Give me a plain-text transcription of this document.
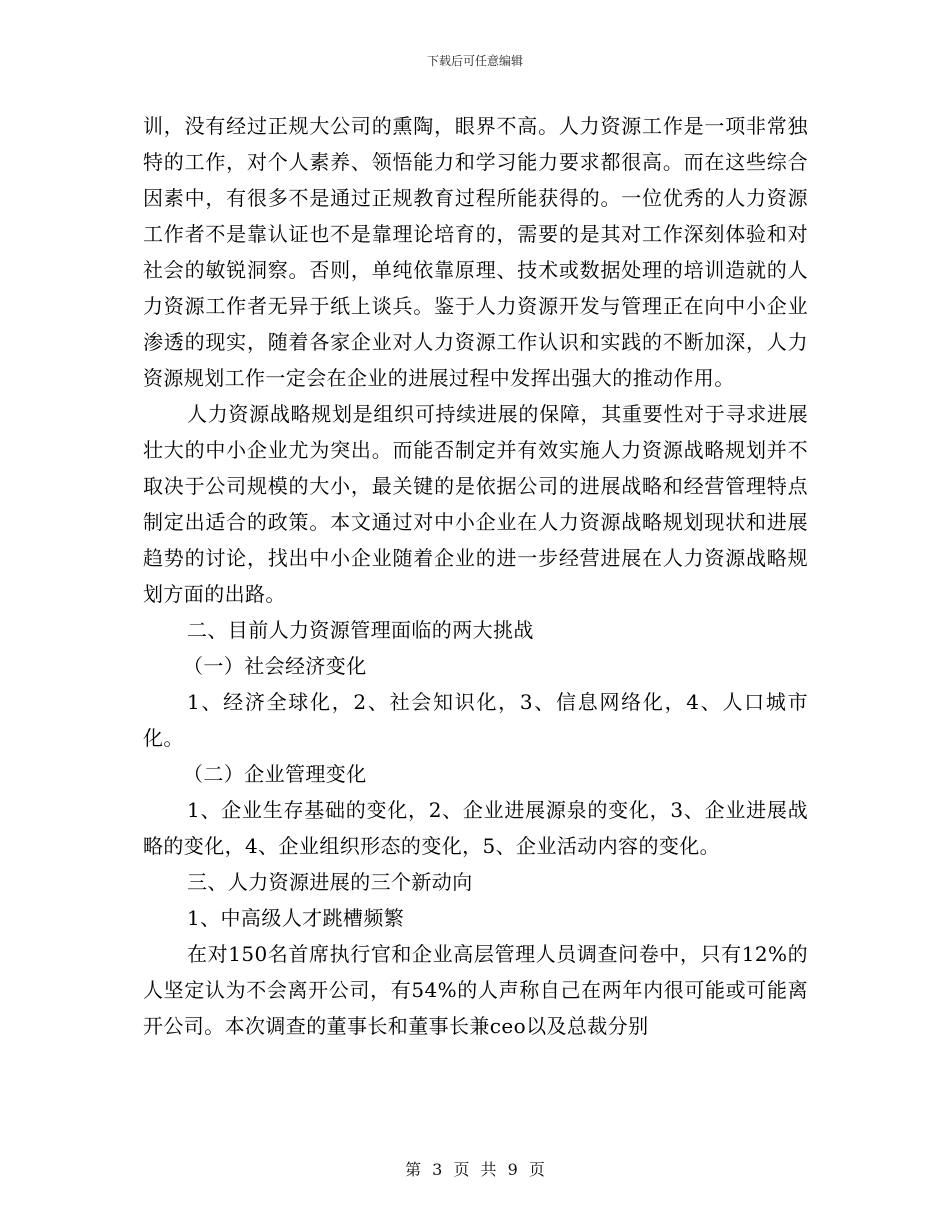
下载后可任意编辑

训，没有经过正规大公司的熏陶，眼界不高。人力资源工作是一项非常独特的工作，对个人素养、领悟能力和学习能力要求都很高。而在这些综合因素中，有很多不是通过正规教育过程所能获得的。一位优秀的人力资源工作者不是靠认证也不是靠理论培育的，需要的是其对工作深刻体验和对社会的敏锐洞察。否则，单纯依靠原理、技术或数据处理的培训造就的人力资源工作者无异于纸上谈兵。鉴于人力资源开发与管理正在向中小企业渗透的现实，随着各家企业对人力资源工作认识和实践的不断加深，人力资源规划工作一定会在企业的进展过程中发挥出强大的推动作用。

人力资源战略规划是组织可持续进展的保障，其重要性对于寻求进展壮大的中小企业尤为突出。而能否制定并有效实施人力资源战略规划并不取决于公司规模的大小，最关键的是依据公司的进展战略和经营管理特点制定出适合的政策。本文通过对中小企业在人力资源战略规划现状和进展趋势的讨论，找出中小企业随着企业的进一步经营进展在人力资源战略规划方面的出路。

二、目前人力资源管理面临的两大挑战

（一）社会经济变化

1、经济全球化，2、社会知识化，3、信息网络化，4、人口城市化。

（二）企业管理变化

1、企业生存基础的变化，2、企业进展源泉的变化，3、企业进展战略的变化，4、企业组织形态的变化，5、企业活动内容的变化。

三、人力资源进展的三个新动向

1、中高级人才跳槽频繁

在对150名首席执行官和企业高层管理人员调查问卷中，只有12%的人坚定认为不会离开公司，有54%的人声称自己在两年内很可能或可能离开公司。本次调查的董事长和董事长兼ceo以及总裁分别

第 3 页 共 9 页
